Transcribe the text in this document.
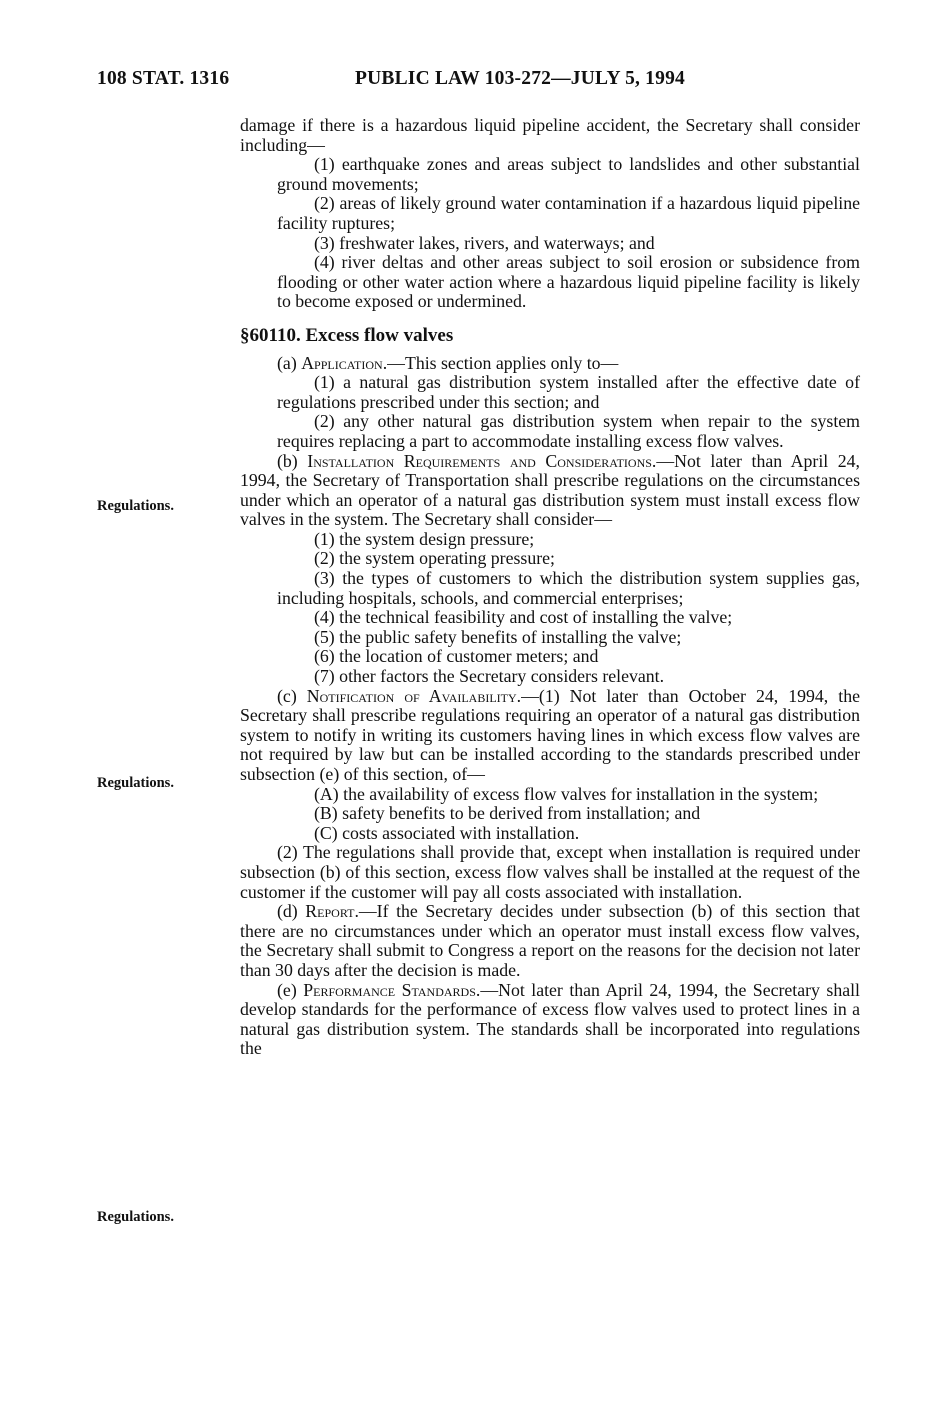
108 STAT. 1316	PUBLIC LAW 103-272—JULY 5, 1994
Regulations.
Regulations.
Regulations.

damage if there is a hazardous liquid pipeline accident, the Secretary shall consider including—

(1) earthquake zones and areas subject to landslides and other substantial ground movements;

(2) areas of likely ground water contamination if a hazardous liquid pipeline facility ruptures;

(3) freshwater lakes, rivers, and waterways; and

(4) river deltas and other areas subject to soil erosion or subsidence from flooding or other water action where a hazardous liquid pipeline facility is likely to become exposed or undermined.

§60110. Excess flow valves

(a) Application.—This section applies only to—

(1) a natural gas distribution system installed after the effective date of regulations prescribed under this section; and

(2) any other natural gas distribution system when repair to the system requires replacing a part to accommodate installing excess flow valves.

(b) Installation Requirements and Considerations.—Not later than April 24, 1994, the Secretary of Transportation shall prescribe regulations on the circumstances under which an operator of a natural gas distribution system must install excess flow valves in the system. The Secretary shall consider—

(1) the system design pressure;

(2) the system operating pressure;

(3) the types of customers to which the distribution system supplies gas, including hospitals, schools, and commercial enterprises;

(4) the technical feasibility and cost of installing the valve;

(5) the public safety benefits of installing the valve;

(6) the location of customer meters; and

(7) other factors the Secretary considers relevant.

(c) Notification of Availability.—(1) Not later than October 24, 1994, the Secretary shall prescribe regulations requiring an operator of a natural gas distribution system to notify in writing its customers having lines in which excess flow valves are not required by law but can be installed according to the standards prescribed under subsection (e) of this section, of—

(A) the availability of excess flow valves for installation in the system;

(B) safety benefits to be derived from installation; and

(C) costs associated with installation.

(2) The regulations shall provide that, except when installation is required under subsection (b) of this section, excess flow valves shall be installed at the request of the customer if the customer will pay all costs associated with installation.

(d) Report.—If the Secretary decides under subsection (b) of this section that there are no circumstances under which an operator must install excess flow valves, the Secretary shall submit to Congress a report on the reasons for the decision not later than 30 days after the decision is made.

(e) Performance Standards.—Not later than April 24, 1994, the Secretary shall develop standards for the performance of excess flow valves used to protect lines in a natural gas distribution system. The standards shall be incorporated into regulations the
